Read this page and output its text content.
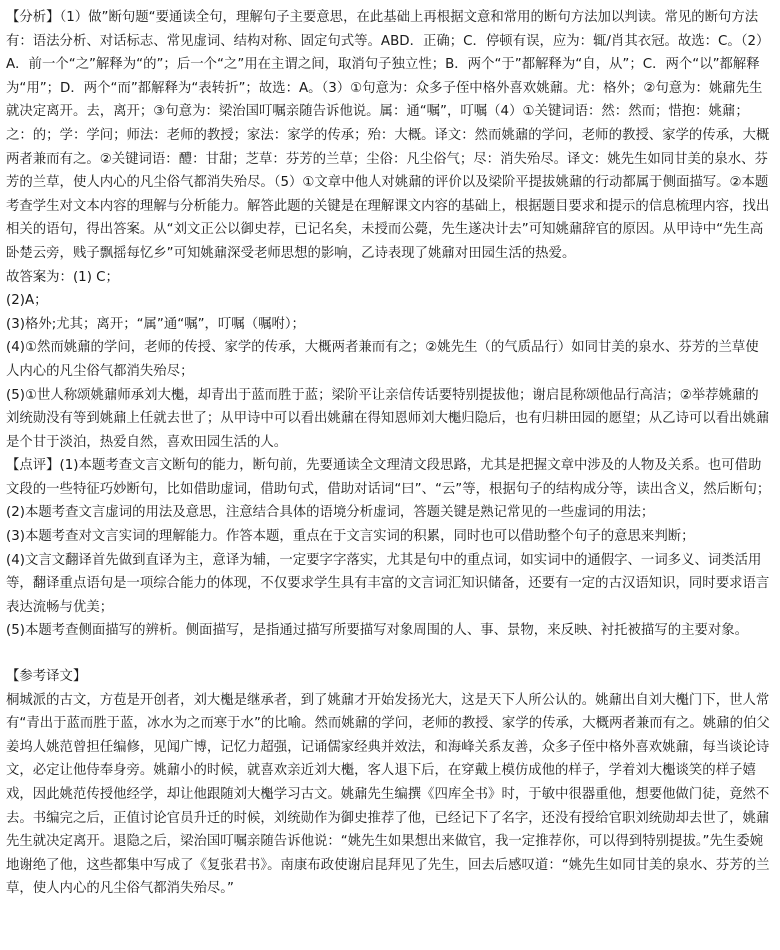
【分析】（1）做”断句题“要通读全句，理解句子主要意思，在此基础上再根据文意和常用的断句方法加以判读。常见的断句方法有：语法分析、对话标志、常见虚词、结构对称、固定句式等。ABD．正确；C．停顿有误，应为：辄/肖其衣冠。故选：C。（2）A．前一个“之”解释为“的”；后一个“之”用在主谓之间，取消句子独立性；B．两个“于”都解释为“自，从”；C．两个“以”都解释为“用”；D．两个“而”都解释为“表转折”；故选：A。（3）①句意为：众多子侄中格外喜欢姚鼐。尤：格外；②句意为：姚鼐先生就决定离开。去，离开；③句意为：梁治国叮嘱亲随告诉他说。属：通“嘱”，叮嘱（4）①关键词语：然：然而；惜抱：姚鼐；之：的；学：学问；师法：老师的教授；家法：家学的传承；殆：大概。译文：然而姚鼐的学问，老师的教授、家学的传承，大概两者兼而有之。②关键词语：醴：甘甜；芝草：芬芳的兰草；尘俗：凡尘俗气；尽：消失殆尽。译文：姚先生如同甘美的泉水、芬芳的兰草，使人内心的凡尘俗气都消失殆尽。（5）①文章中他人对姚鼐的评价以及梁阶平提拔姚鼐的行动都属于侧面描写。②本题考查学生对文本内容的理解与分析能力。解答此题的关键是在理解课文内容的基础上，根据题目要求和提示的信息梳理内容，找出相关的语句，得出答案。从“刘文正公以御史荐，已记名矣，未授而公薨，先生遂决计去”可知姚鼐辞官的原因。从甲诗中“先生高卧楚云旁，贱子飘摇每忆乡”可知姚鼐深受老师思想的影响，乙诗表现了姚鼐对田园生活的热爱。

故答案为：(1) C；

(2)A；

(3)格外;尤其；离开；“属”通“嘱”，叮嘱（嘱咐）；

(4)①然而姚鼐的学问，老师的传授、家学的传承，大概两者兼而有之；②姚先生（的气质品行）如同甘美的泉水、芬芳的兰草使人内心的凡尘俗气都消失殆尽；

(5)①世人称颂姚鼐师承刘大櫆，却青出于蓝而胜于蓝；梁阶平让亲信传话要特别提拔他；谢启昆称颂他品行高洁；②举荐姚鼐的刘统勋没有等到姚鼐上任就去世了；从甲诗中可以看出姚鼐在得知恩师刘大櫆归隐后，也有归耕田园的愿望；从乙诗可以看出姚鼐是个甘于淡泊，热爱自然，喜欢田园生活的人。

【点评】(1)本题考查文言文断句的能力，断句前，先要通读全文理清文段思路，尤其是把握文章中涉及的人物及关系。也可借助文段的一些特征巧妙断句，比如借助虚词，借助句式，借助对话词“曰”、“云”等，根据句子的结构成分等，读出含义，然后断句；

(2)本题考查文言虚词的用法及意思，注意结合具体的语境分析虚词，答题关键是熟记常见的一些虚词的用法；

(3)本题考查对文言实词的理解能力。作答本题，重点在于文言实词的积累，同时也可以借助整个句子的意思来判断；

(4)文言文翻译首先做到直译为主，意译为辅，一定要字字落实，尤其是句中的重点词，如实词中的通假字、一词多义、词类活用等，翻译重点语句是一项综合能力的体现，不仅要求学生具有丰富的文言词汇知识储备，还要有一定的古汉语知识，同时要求语言表达流畅与优美；

(5)本题考查侧面描写的辨析。侧面描写，是指通过描写所要描写对象周围的人、事、景物，来反映、衬托被描写的主要对象。

【参考译文】

桐城派的古文，方苞是开创者，刘大櫆是继承者，到了姚鼐才开始发扬光大，这是天下人所公认的。姚鼐出自刘大櫆门下，世人常有“青出于蓝而胜于蓝，冰水为之而寒于水”的比喻。然而姚鼐的学问，老师的教授、家学的传承，大概两者兼而有之。姚鼐的伯父姜坞人姚范曾担任编修，见闻广博，记忆力超强，记诵儒家经典并效法，和海峰关系友善，众多子侄中格外喜欢姚鼐，每当谈论诗文，必定让他侍奉身旁。姚鼐小的时候，就喜欢亲近刘大櫆，客人退下后，在穿戴上模仿成他的样子，学着刘大櫆谈笑的样子嬉戏，因此姚范传授他经学，却让他跟随刘大櫆学习古文。姚鼐先生编撰《四库全书》时，于敏中很器重他，想要他做门徒，竟然不去。书编完之后，正值讨论官员升迁的时候，刘统勋作为御史推荐了他，已经记下了名字，还没有授给官职刘统勋却去世了，姚鼐先生就决定离开。退隐之后，梁治国叮嘱亲随告诉他说：“姚先生如果想出来做官，我一定推荐你，可以得到特别提拔。”先生委婉地谢绝了他，这些都集中写成了《复张君书》。南康布政使谢启昆拜见了先生，回去后感叹道：“姚先生如同甘美的泉水、芬芳的兰草，使人内心的凡尘俗气都消失殆尽。”
